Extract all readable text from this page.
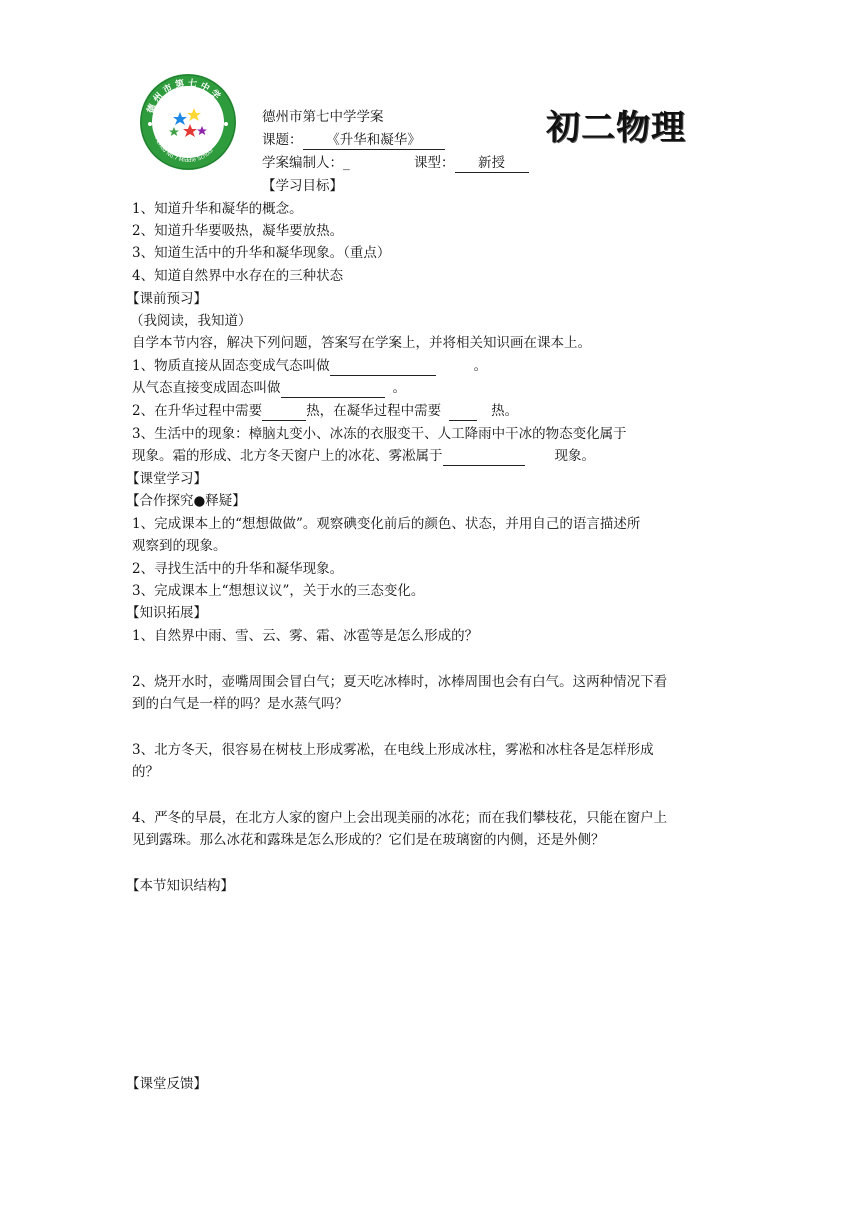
德州市第七中学
De Zhou No.7 Middle School
德州市第七中学学案	初二物理
课题： 《升华和凝华》
学案编制人：_	课型： 新授
【学习目标】
1、知道升华和凝华的概念。
2、知道升华要吸热，凝华要放热。
3、知道生活中的升华和凝华现象。（重点）
4、知道自然界中水存在的三种状态
【课前预习】
（我阅读，我知道）
自学本节内容，解决下列问题，答案写在学案上，并将相关知识画在课本上。
1、物质直接从固态变成气态叫做	。
从气态直接变成固态叫做	。
2、在升华过程中需要	热，在凝华过程中需要	热。
3、生活中的现象：樟脑丸变小、冰冻的衣服变干、人工降雨中干冰的物态变化属于
现象。霜的形成、北方冬天窗户上的冰花、雾凇属于	现象。
【课堂学习】
【合作探究●释疑】
1、完成课本上的“想想做做”。观察碘变化前后的颜色、状态，并用自己的语言描述所
观察到的现象。
2、寻找生活中的升华和凝华现象。
3、完成课本上“想想议议”，关于水的三态变化。
【知识拓展】
1、自然界中雨、雪、云、雾、霜、冰雹等是怎么形成的？
2、烧开水时，壶嘴周围会冒白气；夏天吃冰棒时，冰棒周围也会有白气。这两种情况下看
到的白气是一样的吗？是水蒸气吗？
3、北方冬天，很容易在树枝上形成雾凇，在电线上形成冰柱，雾凇和冰柱各是怎样形成
的？
4、严冬的早晨，在北方人家的窗户上会出现美丽的冰花；而在我们攀枝花，只能在窗户上
见到露珠。那么冰花和露珠是怎么形成的？它们是在玻璃窗的内侧，还是外侧？
【本节知识结构】
【课堂反馈】
